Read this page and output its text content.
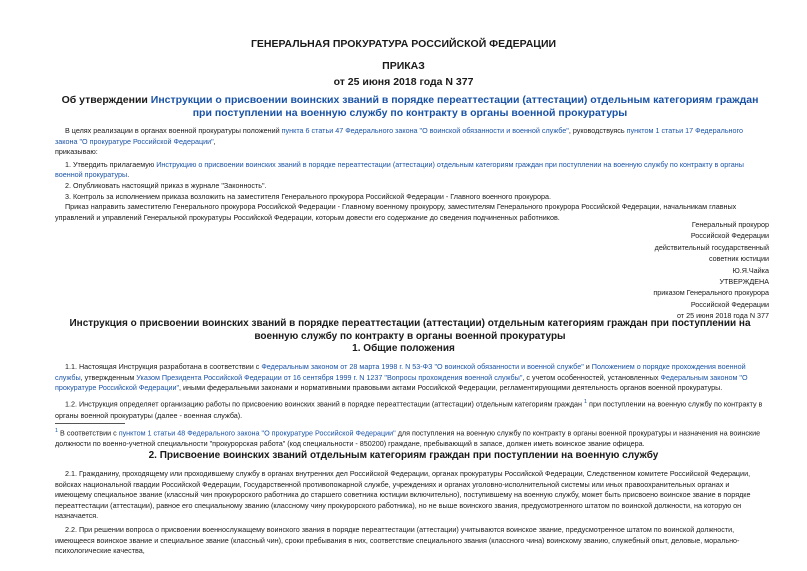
ГЕНЕРАЛЬНАЯ ПРОКУРАТУРА РОССИЙСКОЙ ФЕДЕРАЦИИ
ПРИКАЗ
от 25 июня 2018 года N 377
Об утверждении Инструкции о присвоении воинских званий в порядке переаттестации (аттестации) отдельным категориям граждан при поступлении на военную службу по контракту в органы военной прокуратуры

В целях реализации в органах военной прокуратуры положений пункта 6 статьи 47 Федерального закона "О воинской обязанности и военной службе", руководствуясь пунктом 1 статьи 17 Федерального закона "О прокуратуре Российской Федерации",

приказываю:

1. Утвердить прилагаемую Инструкцию о присвоении воинских званий в порядке переаттестации (аттестации) отдельным категориям граждан при поступлении на военную службу по контракту в органы военной прокуратуры.

2. Опубликовать настоящий приказ в журнале "Законность".

3. Контроль за исполнением приказа возложить на заместителя Генерального прокурора Российской Федерации - Главного военного прокурора.

Приказ направить заместителю Генерального прокурора Российской Федерации - Главному военному прокурору, заместителям Генерального прокурора Российской Федерации, начальникам главных управлений и управлений Генеральной прокуратуры Российской Федерации, которым довести его содержание до сведения подчиненных работников.

Генеральный прокурор
Российской Федерации
действительный государственный
советник юстиции
Ю.Я.Чайка
УТВЕРЖДЕНА
приказом Генерального прокурора
Российской Федерации
от 25 июня 2018 года N 377
Инструкция о присвоении воинских званий в порядке переаттестации (аттестации) отдельным категориям граждан при поступлении на военную службу по контракту в органы военной прокуратуры
1. Общие положения

1.1. Настоящая Инструкция разработана в соответствии с Федеральным законом от 28 марта 1998 г. N 53-ФЗ "О воинской обязанности и военной службе" и Положением о порядке прохождения военной службы, утвержденным Указом Президента Российской Федерации от 16 сентября 1999 г. N 1237 "Вопросы прохождения военной службы", с учетом особенностей, установленных Федеральным законом "О прокуратуре Российской Федерации", иными федеральными законами и нормативными правовыми актами Российской Федерации, регламентирующими деятельность органов военной прокуратуры.

1.2. Инструкция определяет организацию работы по присвоению воинских званий в порядке переаттестации (аттестации) отдельным категориям граждан $^1$ при поступлении на военную службу по контракту в органы военной прокуратуры (далее - военная служба).

$^1$ В соответствии с пунктом 1 статьи 48 Федерального закона "О прокуратуре Российской Федерации" для поступления на военную службу по контракту в органы военной прокуратуры и назначения на воинские должности по военно-учетной специальности "прокурорская работа" (код специальности - 850200) граждане, пребывающий в запасе, должен иметь воинское звание офицера.

2. Присвоение воинских званий отдельным категориям граждан при поступлении на военную службу

2.1. Гражданину, проходящему или проходившему службу в органах внутренних дел Российской Федерации, органах прокуратуры Российской Федерации, Следственном комитете Российской Федерации, войсках национальной гвардии Российской Федерации, Государственной противопожарной службе, учреждениях и органах уголовно-исполнительной системы или иных правоохранительных органах и имеющему специальное звание (классный чин прокурорского работника до старшего советника юстиции включительно), поступившему на военную службу, может быть присвоено воинское звание в порядке переаттестации (аттестации), равное его специальному званию (классному чину прокурорского работника), но не выше воинского звания, предусмотренного штатом по воинской должности, на которую он назначается.

2.2. При решении вопроса о присвоении военнослужащему воинского звания в порядке переаттестации (аттестации) учитываются воинское звание, предусмотренное штатом по воинской должности, имеющееся воинское звание и специальное звание (классный чин), сроки пребывания в них, соответствие специального звания (классного чина) воинскому званию, служебный опыт, деловые, морально-психологические качества,
